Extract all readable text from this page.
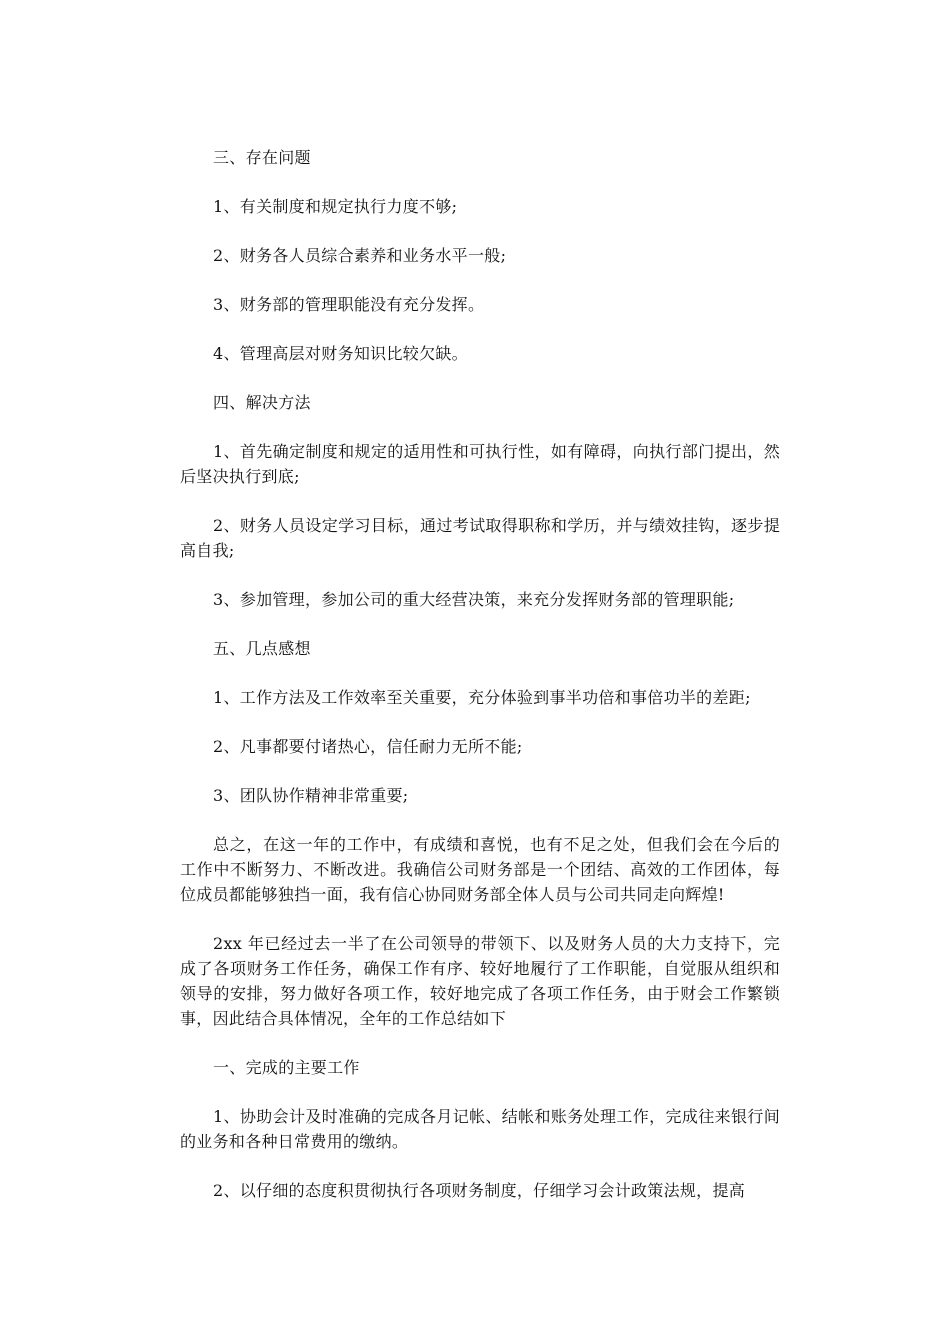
三、存在问题

1、有关制度和规定执行力度不够;

2、财务各人员综合素养和业务水平一般;

3、财务部的管理职能没有充分发挥。

4、管理高层对财务知识比较欠缺。

四、解决方法

1、首先确定制度和规定的适用性和可执行性，如有障碍，向执行部门提出，然后坚决执行到底;

2、财务人员设定学习目标，通过考试取得职称和学历，并与绩效挂钩，逐步提高自我;

3、参加管理，参加公司的重大经营决策，来充分发挥财务部的管理职能;

五、几点感想

1、工作方法及工作效率至关重要，充分体验到事半功倍和事倍功半的差距;

2、凡事都要付诸热心，信任耐力无所不能;

3、团队协作精神非常重要;

总之，在这一年的工作中，有成绩和喜悦，也有不足之处，但我们会在今后的工作中不断努力、不断改进。我确信公司财务部是一个团结、高效的工作团体，每位成员都能够独挡一面，我有信心协同财务部全体人员与公司共同走向辉煌!

2xx 年已经过去一半了在公司领导的带领下、以及财务人员的大力支持下，完成了各项财务工作任务，确保工作有序、较好地履行了工作职能，自觉服从组织和领导的安排，努力做好各项工作，较好地完成了各项工作任务，由于财会工作繁锁事，因此结合具体情况，全年的工作总结如下

一、完成的主要工作

1、协助会计及时准确的完成各月记帐、结帐和账务处理工作，完成往来银行间的业务和各种日常费用的缴纳。

2、以仔细的态度积贯彻执行各项财务制度，仔细学习会计政策法规，提高
